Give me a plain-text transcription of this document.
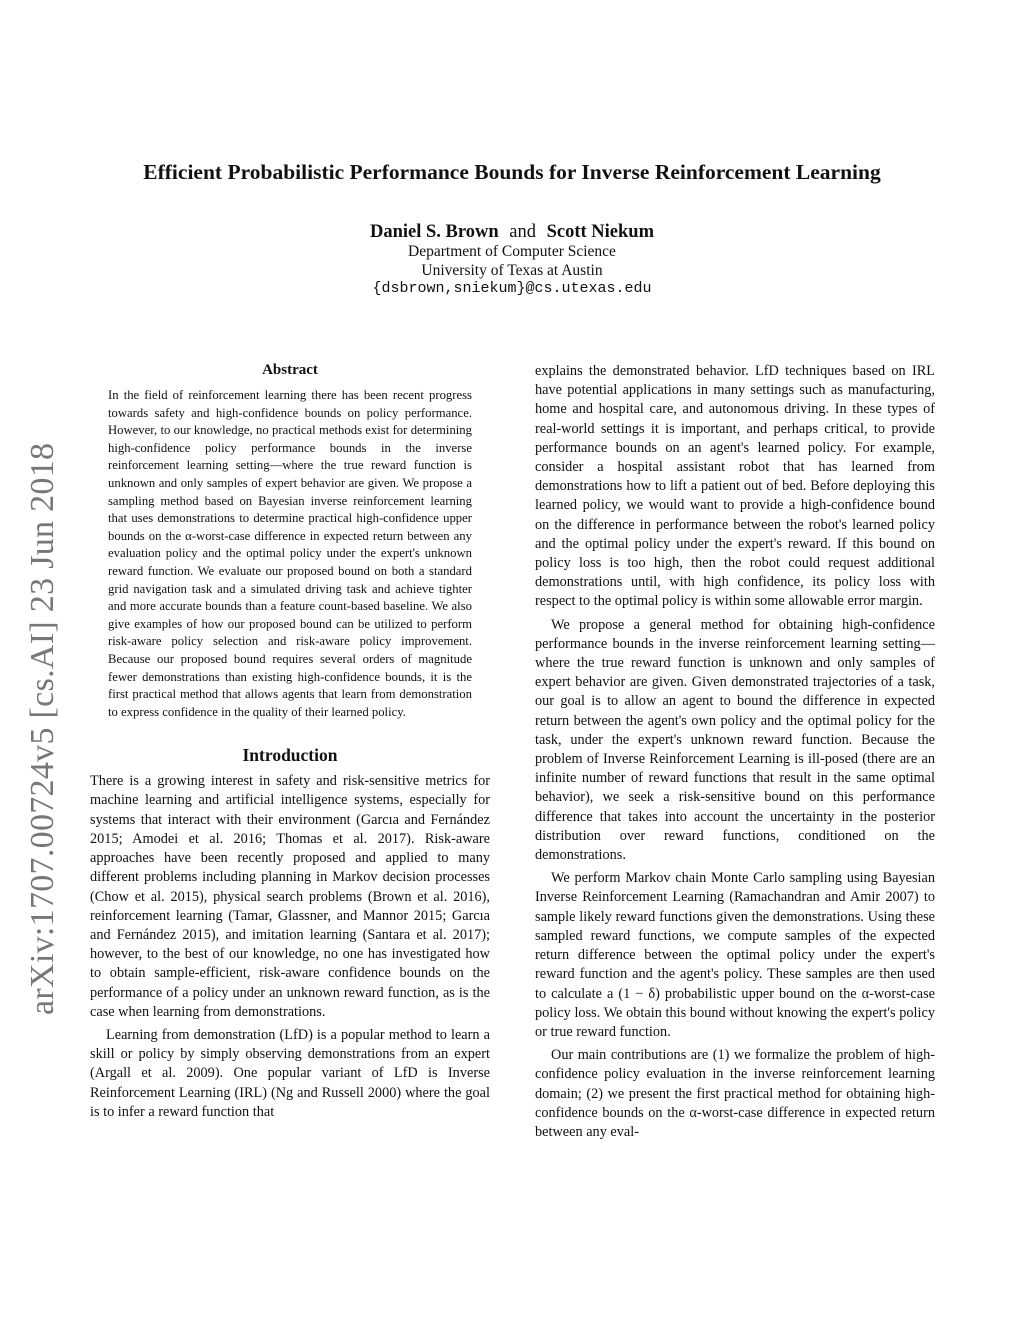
Efficient Probabilistic Performance Bounds for Inverse Reinforcement Learning
Daniel S. Brown and Scott Niekum
Department of Computer Science
University of Texas at Austin
{dsbrown,sniekum}@cs.utexas.edu
arXiv:1707.00724v5 [cs.AI] 23 Jun 2018
Abstract

In the field of reinforcement learning there has been recent progress towards safety and high-confidence bounds on policy performance. However, to our knowledge, no practical methods exist for determining high-confidence policy performance bounds in the inverse reinforcement learning setting—where the true reward function is unknown and only samples of expert behavior are given. We propose a sampling method based on Bayesian inverse reinforcement learning that uses demonstrations to determine practical high-confidence upper bounds on the α-worst-case difference in expected return between any evaluation policy and the optimal policy under the expert's unknown reward function. We evaluate our proposed bound on both a standard grid navigation task and a simulated driving task and achieve tighter and more accurate bounds than a feature count-based baseline. We also give examples of how our proposed bound can be utilized to perform risk-aware policy selection and risk-aware policy improvement. Because our proposed bound requires several orders of magnitude fewer demonstrations than existing high-confidence bounds, it is the first practical method that allows agents that learn from demonstration to express confidence in the quality of their learned policy.

Introduction

There is a growing interest in safety and risk-sensitive metrics for machine learning and artificial intelligence systems, especially for systems that interact with their environment (Garcıa and Fernández 2015; Amodei et al. 2016; Thomas et al. 2017). Risk-aware approaches have been recently proposed and applied to many different problems including planning in Markov decision processes (Chow et al. 2015), physical search problems (Brown et al. 2016), reinforcement learning (Tamar, Glassner, and Mannor 2015; Garcıa and Fernández 2015), and imitation learning (Santara et al. 2017); however, to the best of our knowledge, no one has investigated how to obtain sample-efficient, risk-aware confidence bounds on the performance of a policy under an unknown reward function, as is the case when learning from demonstrations.

Learning from demonstration (LfD) is a popular method to learn a skill or policy by simply observing demonstrations from an expert (Argall et al. 2009). One popular variant of LfD is Inverse Reinforcement Learning (IRL) (Ng and Russell 2000) where the goal is to infer a reward function that

explains the demonstrated behavior. LfD techniques based on IRL have potential applications in many settings such as manufacturing, home and hospital care, and autonomous driving. In these types of real-world settings it is important, and perhaps critical, to provide performance bounds on an agent's learned policy. For example, consider a hospital assistant robot that has learned from demonstrations how to lift a patient out of bed. Before deploying this learned policy, we would want to provide a high-confidence bound on the difference in performance between the robot's learned policy and the optimal policy under the expert's reward. If this bound on policy loss is too high, then the robot could request additional demonstrations until, with high confidence, its policy loss with respect to the optimal policy is within some allowable error margin.

We propose a general method for obtaining high-confidence performance bounds in the inverse reinforcement learning setting—where the true reward function is unknown and only samples of expert behavior are given. Given demonstrated trajectories of a task, our goal is to allow an agent to bound the difference in expected return between the agent's own policy and the optimal policy for the task, under the expert's unknown reward function. Because the problem of Inverse Reinforcement Learning is ill-posed (there are an infinite number of reward functions that result in the same optimal behavior), we seek a risk-sensitive bound on this performance difference that takes into account the uncertainty in the posterior distribution over reward functions, conditioned on the demonstrations.

We perform Markov chain Monte Carlo sampling using Bayesian Inverse Reinforcement Learning (Ramachandran and Amir 2007) to sample likely reward functions given the demonstrations. Using these sampled reward functions, we compute samples of the expected return difference between the optimal policy under the expert's reward function and the agent's policy. These samples are then used to calculate a (1 − δ) probabilistic upper bound on the α-worst-case policy loss. We obtain this bound without knowing the expert's policy or true reward function.

Our main contributions are (1) we formalize the problem of high-confidence policy evaluation in the inverse reinforcement learning domain; (2) we present the first practical method for obtaining high-confidence bounds on the α-worst-case difference in expected return between any eval-
